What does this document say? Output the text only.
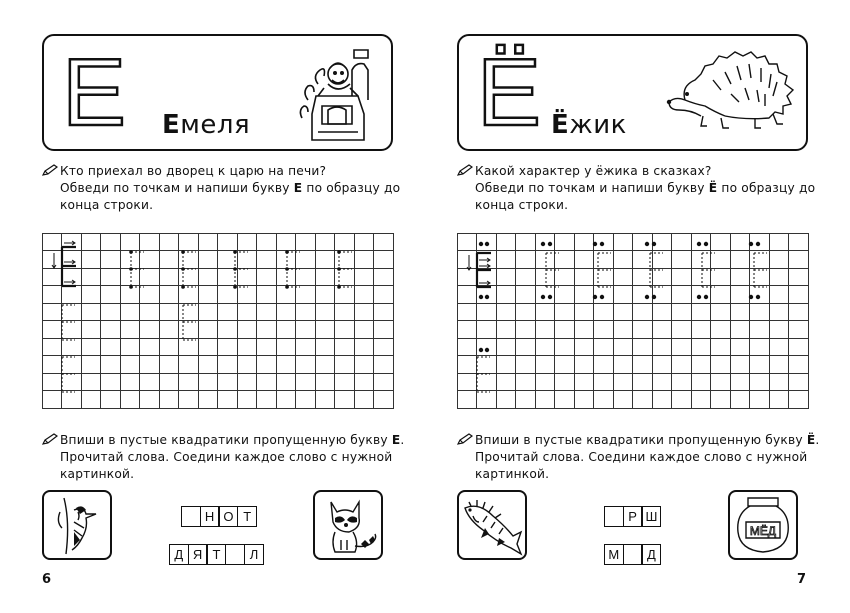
Е Емеля
Кто приехал во дворец к царю на печи?
Обведи по точкам и напиши букву Е по образцу до
конца строки.
Впиши в пустые квадратики пропущенную букву Е.
Прочитай слова. Соедини каждое слово с нужной
картинкой.
Н О Т
Д Я Т	Л
6
Ё Ёжик
Какой характер у ёжика в сказках?
Обведи по точкам и напиши букву Ё по образцу до
конца строки.
Впиши в пустые квадратики пропущенную букву Ё.
Прочитай слова. Соедини каждое слово с нужной
картинкой.
Р Ш
М	Д
МЁД
7
